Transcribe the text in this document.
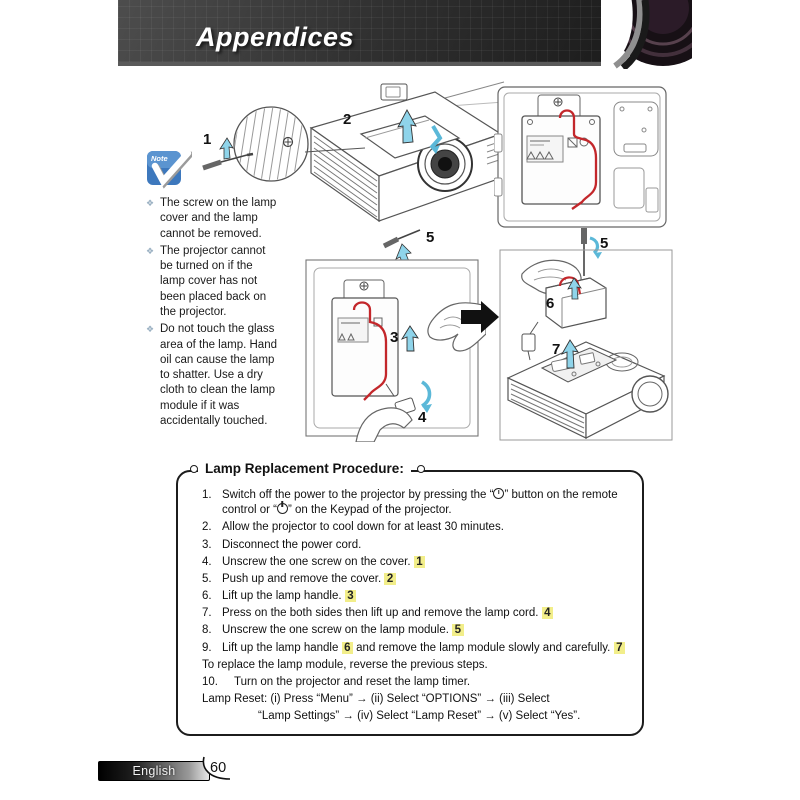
Appendices
Note
❖ The screw on the lamp cover and the lamp cannot be removed.
❖ The projector cannot be turned on if the lamp cover has not been placed back on the projector.
❖ Do not touch the glass area of the lamp. Hand oil can cause the lamp to shatter. Use a dry cloth to clean the lamp module if it was accidentally touched.
2
1
5
3
4
5
6
7
Lamp Replacement Procedure:
1. Switch off the power to the projector by pressing the “ ” button on the remote control or “ ” on the Keypad of the projector.
2. Allow the projector to cool down for at least 30 minutes.
3. Disconnect the power cord.
4. Unscrew the one screw on the cover. 1
5. Push up and remove the cover. 2
6. Lift up the lamp handle. 3
7. Press on the both sides then lift up and remove the lamp cord. 4
8. Unscrew the one screw on the lamp module. 5
9. Lift up the lamp handle 6 and remove the lamp module slowly and carefully. 7
To replace the lamp module, reverse the previous steps.
10.	Turn on the projector and reset the lamp timer.
Lamp Reset: (i) Press “Menu” → (ii) Select “OPTIONS” → (iii) Select
“Lamp Settings” → (iv) Select “Lamp Reset” → (v) Select “Yes”.
English 60
